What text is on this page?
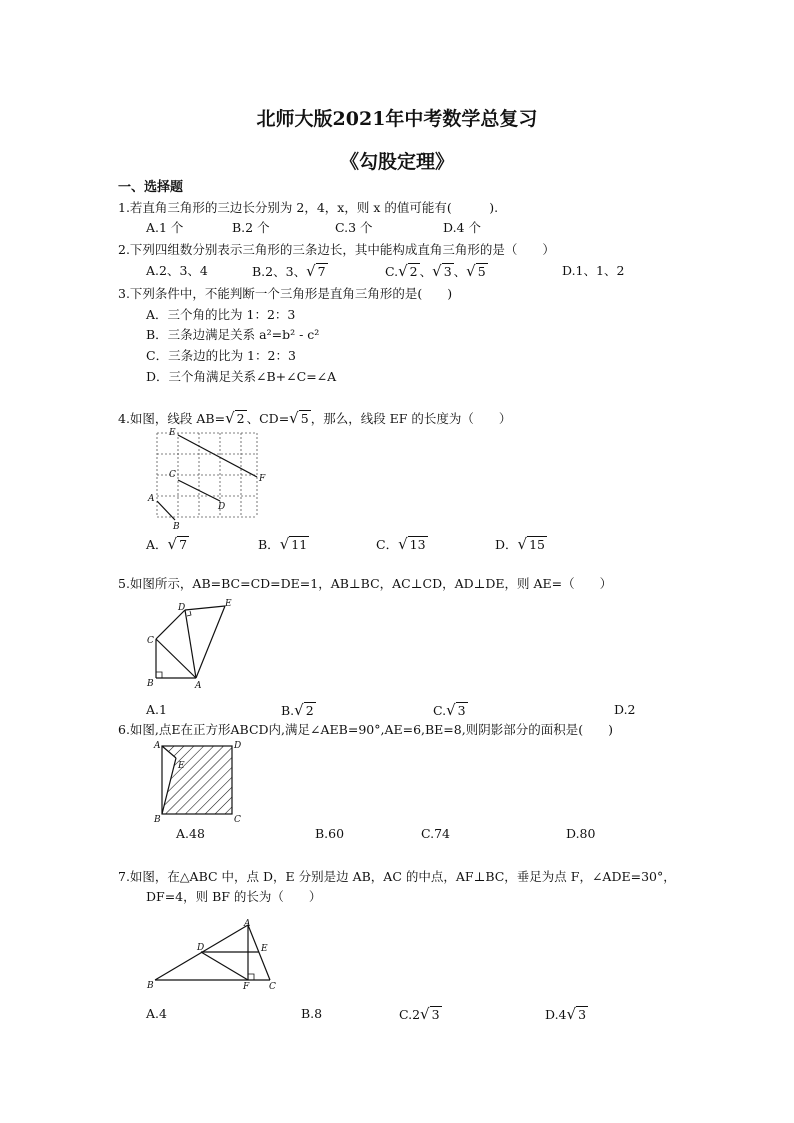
北师大版2021年中考数学总复习
《勾股定理》
一、选择题
1.若直角三角形的三边长分别为 2，4，x，则 x 的值可能有(　　　).
A.1 个	B.2 个	C.3 个	D.4 个
2.下列四组数分别表示三角形的三条边长，其中能构成直角三角形的是（　　）
A.2、3、4	B.2、3、√ 7	C.√ 2 、√ 3 、√ 5	D.1、1、2
3.下列条件中，不能判断一个三角形是直角三角形的是(　　)
A．三个角的比为 1：2：3
B．三条边满足关系 a²=b² - c²
C．三条边的比为 1：2：3
D．三个角满足关系∠B+∠C=∠A
4.如图，线段 AB=√ 2 、CD=√ 5 ，那么，线段 EF 的长度为（　　）
E
F
C
D
A
B
A．√ 7	B．√ 11	C．√ 13	D．√ 15
5.如图所示，AB=BC=CD=DE=1，AB⊥BC，AC⊥CD，AD⊥DE，则 AE=（　　）
D	E
C
B	A
A.1	B.√ 2	C.√ 3	D.2
6.如图,点E在正方形ABCD内,满足∠AEB=90°,AE=6,BE=8,则阴影部分的面积是(　　)
A	D
E
B	C
A.48	B.60	C.74	D.80
7.如图，在△ABC 中，点 D，E 分别是边 AB，AC 的中点，AF⊥BC，垂足为点 F，∠ADE=30°，
DF=4，则 BF 的长为（　　）
A
D	E
B	F C
A.4	B.8	C.2√ 3	D.4√ 3
